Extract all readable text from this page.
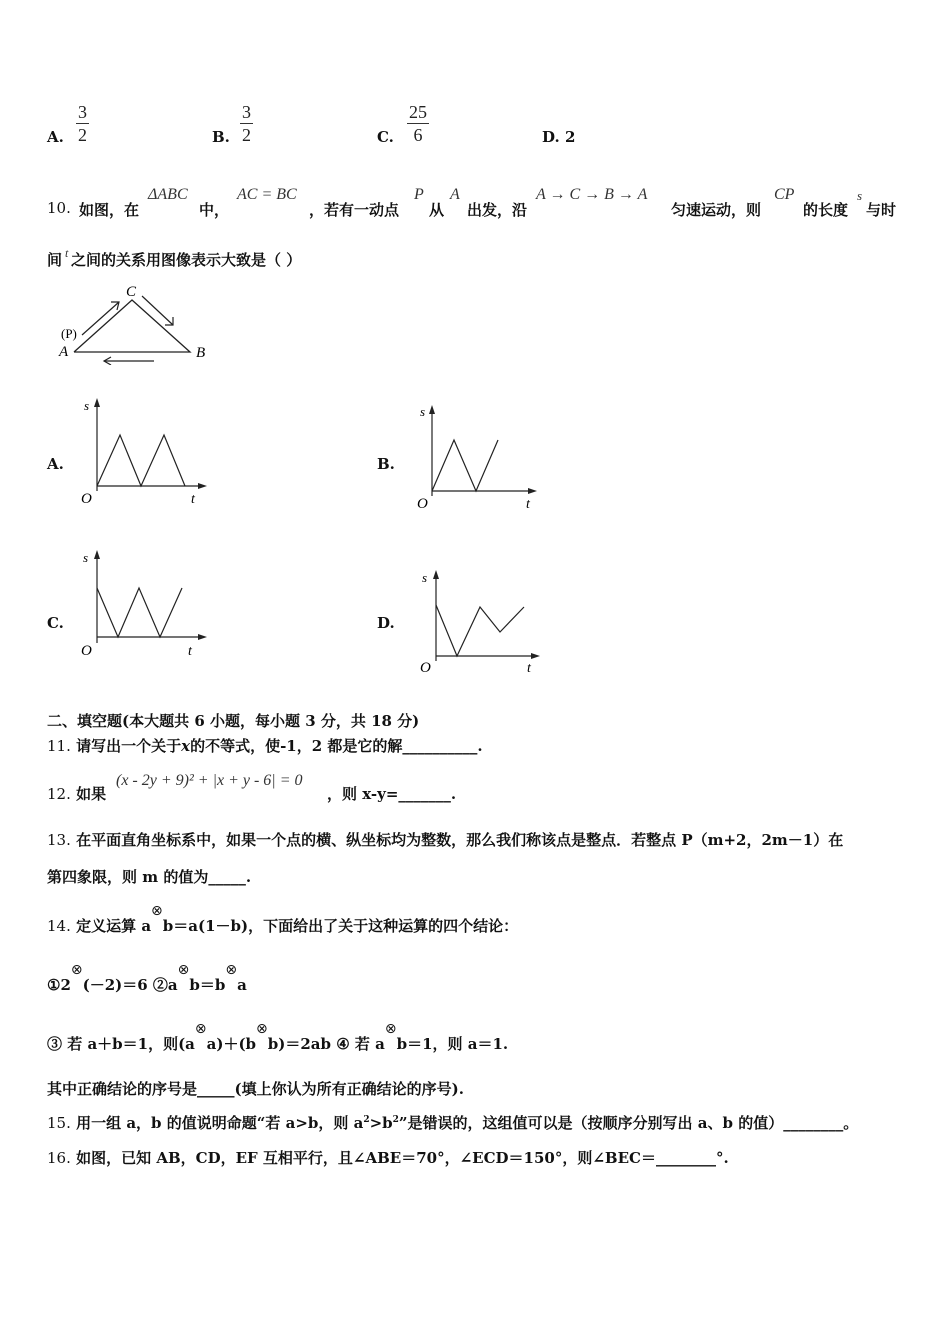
A. $\frac{3}{2}$	B. $\frac{3}{2}$	C. $\frac{25}{6}$	D. 2
10. 如图，在
ΔABC
中，
AC = BC
，若有一动点
P
从
A
出发，沿
A → C → B → A
匀速运动，则
CP
的长度
s
与时
间 t 之间的关系用图像表示大致是（ ）
C
A	B
(P)
A.
s
O	t
B.
s
O	t
C.
s
O	t
D.
s
O	t
二、填空题(本大题共 6 小题，每小题 3 分，共 18 分)
11. 请写出一个关于x的不等式，使-1，2 都是它的解__________.
12. 如果
(x - 2y + 9)² + |x + y - 6| = 0
，则 x-y=_______.
13. 在平面直角坐标系中，如果一个点的横、纵坐标均为整数，那么我们称该点是整点．若整点 P（m+2，2m－1）在
第四象限，则 m 的值为_____.
14. 定义运算 a⊗b＝a(1－b)，下面给出了关于这种运算的四个结论：
①2⊗(－2)＝6 ②a⊗b＝b⊗a
③ 若 a＋b＝1，则(a⊗a)＋(b⊗b)＝2ab ④ 若 a⊗b＝1，则 a＝1.
其中正确结论的序号是_____(填上你认为所有正确结论的序号).
15. 用一组 a，b 的值说明命题“若 a>b，则 $a^2>b^2$”是错误的，这组值可以是（按顺序分别写出 a、b 的值）________。
16. 如图，已知 AB，CD，EF 互相平行，且∠ABE＝70°，∠ECD＝150°，则∠BEC＝________°.
